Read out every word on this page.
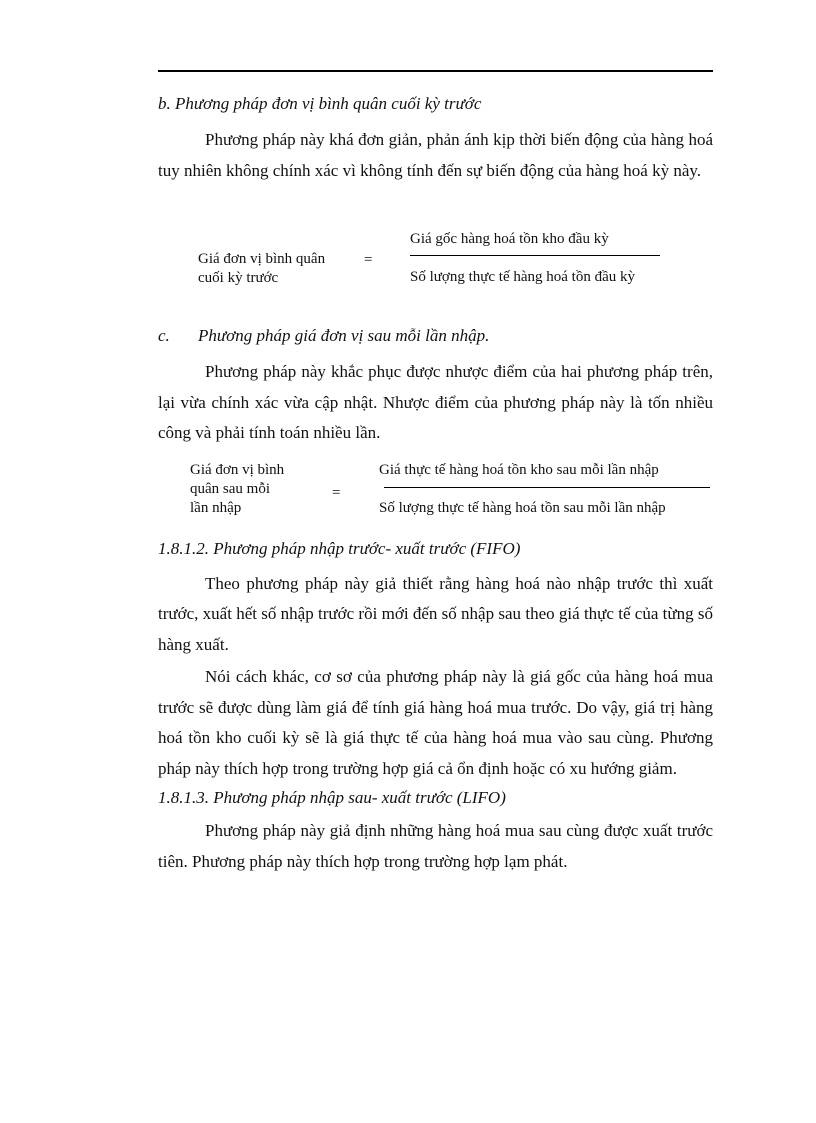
b. Phương pháp đơn vị bình quân cuối kỳ trước

Phương pháp này khá đơn giản, phản ánh kịp thời biến động của hàng hoá tuy nhiên không chính xác vì không tính đến sự biến động của hàng hoá kỳ này.

Giá đơn vị bình quân
cuối kỳ trước
=
Giá gốc hàng hoá tồn kho đầu kỳ
Số lượng thực tế hàng hoá tồn đầu kỳ
c. Phương pháp giá đơn vị sau mỗi lần nhập.

Phương pháp này khắc phục được nhược điểm của hai phương pháp trên, lại vừa chính xác vừa cập nhật. Nhược điểm của phương pháp này là tốn nhiều công và phải tính toán nhiều lần.

Giá đơn vị bình
quân sau mỗi
lần nhập
=
Giá thực tế hàng hoá tồn kho sau mỗi lần nhập
Số lượng thực tế hàng hoá tồn sau mỗi lần nhập

1.8.1.2. Phương pháp nhập trước- xuất trước (FIFO)

Theo phương pháp này giả thiết rằng hàng hoá nào nhập trước thì xuất trước, xuất hết số nhập trước rồi mới đến số nhập sau theo giá thực tế của từng số hàng xuất.

Nói cách khác, cơ sơ của phương pháp này là giá gốc của hàng hoá mua trước sẽ được dùng làm giá để tính giá hàng hoá mua trước. Do vậy, giá trị hàng hoá tồn kho cuối kỳ sẽ là giá thực tế của hàng hoá mua vào sau cùng. Phương pháp này thích hợp trong trường hợp giá cả ổn định hoặc có xu hướng giảm.

1.8.1.3. Phương pháp nhập sau- xuất trước (LIFO)

Phương pháp này giả định những hàng hoá mua sau cùng được xuất trước tiên. Phương pháp này thích hợp trong trường hợp lạm phát.
